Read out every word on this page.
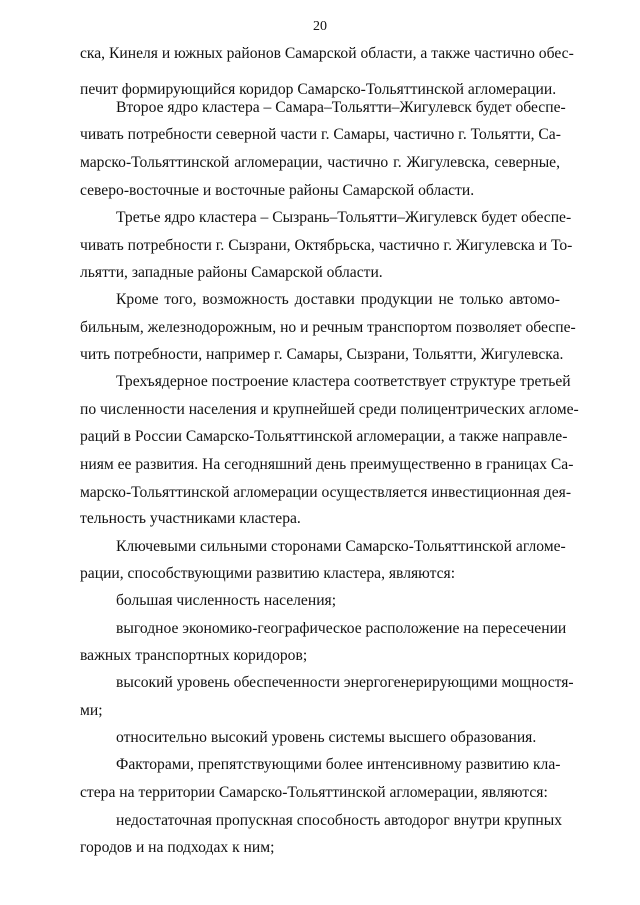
20
ска, Кинеля и южных районов Самарской области, а также частично обес-
печит формирующийся коридор Самарско-Тольяттинской агломерации.
Второе ядро кластера – Самара–Тольятти–Жигулевск будет обеспе-
чивать потребности северной части г. Самары, частично г. Тольятти, Са-
марско-Тольяттинской агломерации, частично г. Жигулевска, северные,
северо-восточные и восточные районы Самарской области.
Третье ядро кластера – Сызрань–Тольятти–Жигулевск будет обеспе-
чивать потребности г. Сызрани, Октябрьска, частично г. Жигулевска и То-
льятти, западные районы Самарской области.
Кроме того, возможность доставки продукции не только автомо-
бильным, железнодорожным, но и речным транспортом позволяет обеспе-
чить потребности, например г. Самары, Сызрани, Тольятти, Жигулевска.
Трехъядерное построение кластера соответствует структуре третьей
по численности населения и крупнейшей среди полицентрических агломе-
раций в России Самарско-Тольяттинской агломерации, а также направле-
ниям ее развития. На сегодняшний день преимущественно в границах Са-
марско-Тольяттинской агломерации осуществляется инвестиционная дея-
тельность участниками кластера.
Ключевыми сильными сторонами Самарско-Тольяттинской агломе-
рации, способствующими развитию кластера, являются:
большая численность населения;
выгодное экономико-географическое расположение на пересечении
важных транспортных коридоров;
высокий уровень обеспеченности энергогенерирующими мощностя-
ми;
относительно высокий уровень системы высшего образования.
Факторами, препятствующими более интенсивному развитию кла-
стера на территории Самарско-Тольяттинской агломерации, являются:
недостаточная пропускная способность автодорог внутри крупных
городов и на подходах к ним;
